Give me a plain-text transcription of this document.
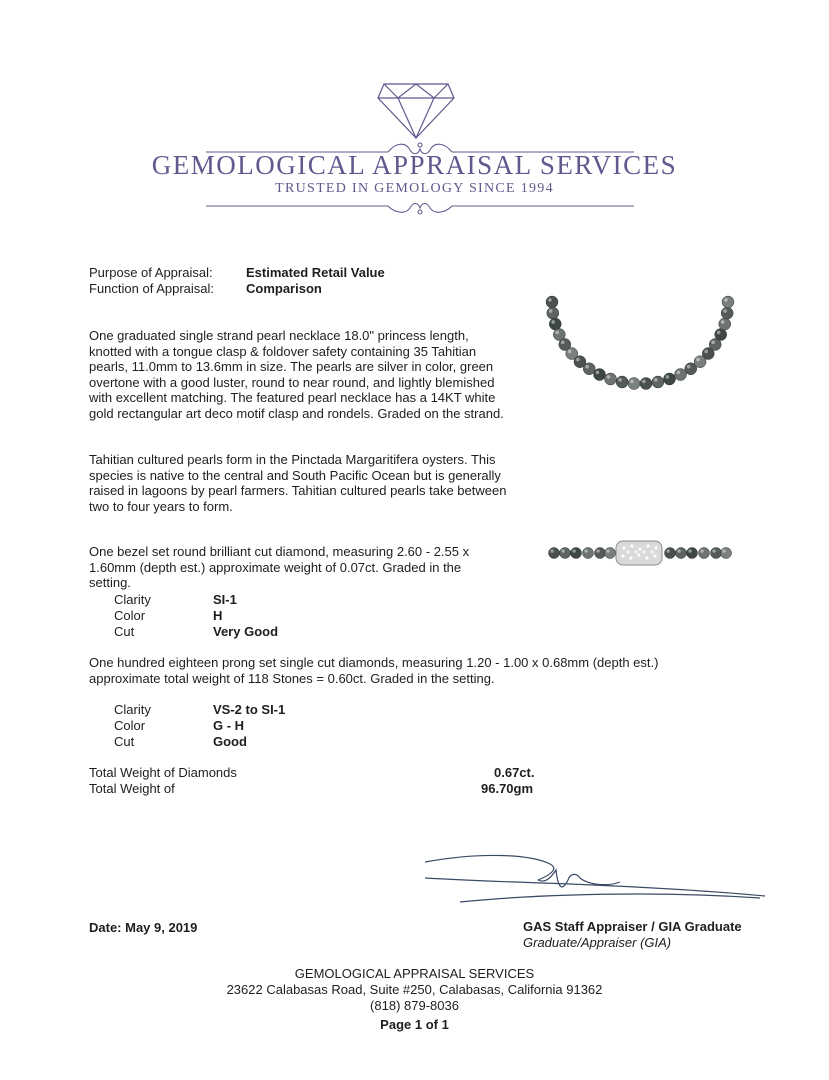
GEMOLOGICAL APPRAISAL SERVICES
TRUSTED IN GEMOLOGY SINCE 1994
Purpose of Appraisal:	Estimated Retail Value
Function of Appraisal: Comparison
One graduated single strand pearl necklace 18.0" princess length, knotted with a tongue clasp & foldover safety containing 35 Tahitian pearls, 11.0mm to 13.6mm in size. The pearls are silver in color, green overtone with a good luster, round to near round, and lightly blemished with excellent matching. The featured pearl necklace has a 14KT white gold rectangular art deco motif clasp and rondels. Graded on the strand.
Tahitian cultured pearls form in the Pinctada Margaritifera oysters. This species is native to the central and South Pacific Ocean but is generally raised in lagoons by pearl farmers. Tahitian cultured pearls take between two to four years to form.
One bezel set round brilliant cut diamond, measuring 2.60 - 2.55 x 1.60mm (depth est.) approximate weight of 0.07ct. Graded in the setting.
Clarity	SI-1
Color	H
Cut	Very Good
One hundred eighteen prong set single cut diamonds, measuring 1.20 - 1.00 x 0.68mm (depth est.) approximate total weight of 118 Stones = 0.60ct. Graded in the setting.
Clarity	VS-2 to SI-1
Color	G - H
Cut	Good
Total Weight of Diamonds	0.67ct.
Total Weight of	96.70gm
Date: May 9, 2019	GAS Staff Appraiser / GIA Graduate
Graduate/Appraiser (GIA)
GEMOLOGICAL APPRAISAL SERVICES
23622 Calabasas Road, Suite #250, Calabasas, California 91362
(818) 879-8036
Page 1 of 1
